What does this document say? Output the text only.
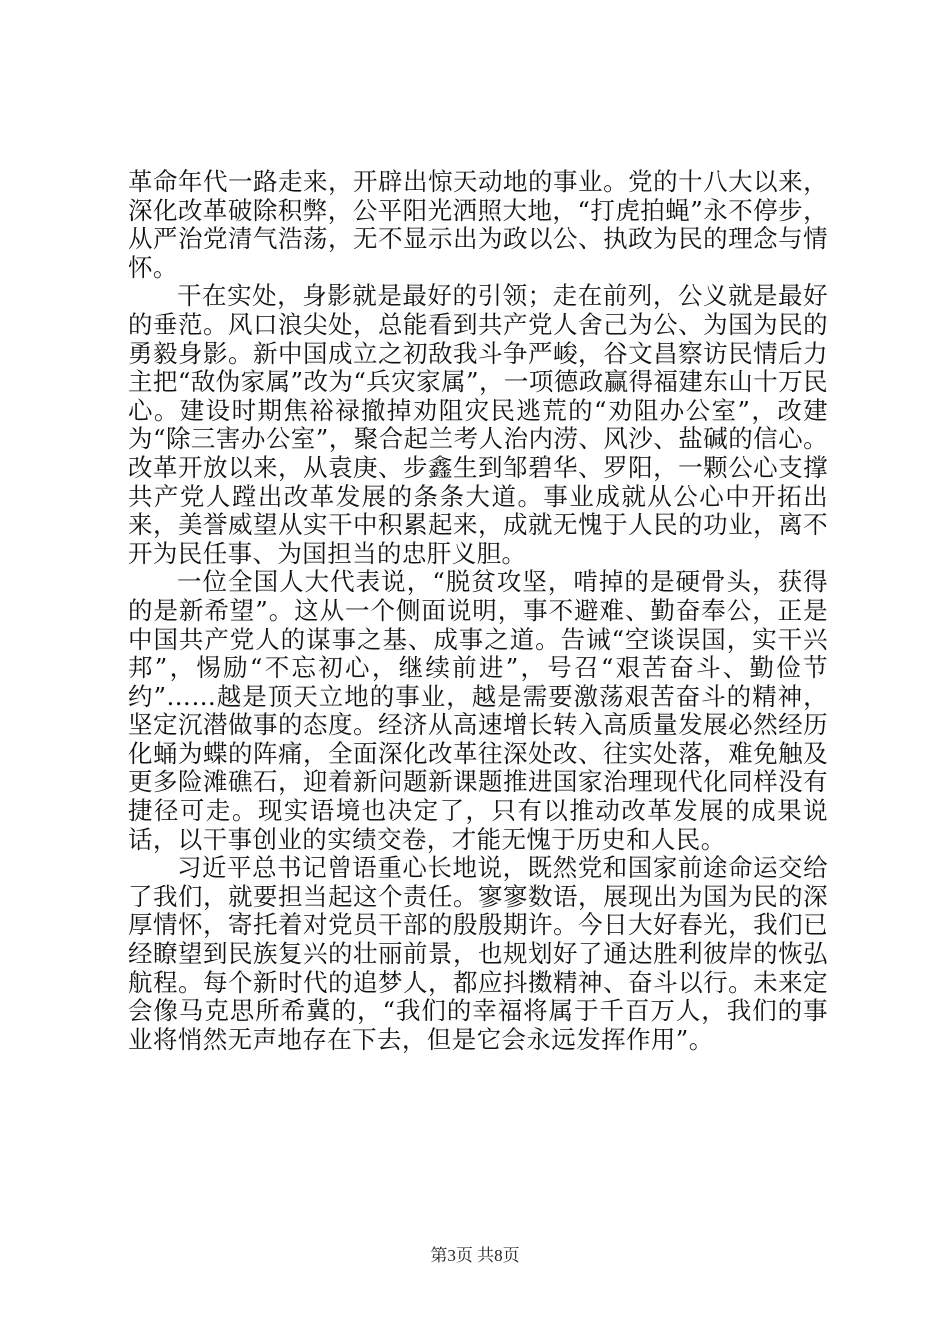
革命年代一路走来，开辟出惊天动地的事业。党的十八大以来，深化改革破除积弊，公平阳光洒照大地，“打虎拍蝇”永不停步，从严治党清气浩荡，无不显示出为政以公、执政为民的理念与情怀。

干在实处，身影就是最好的引领；走在前列，公义就是最好的垂范。风口浪尖处，总能看到共产党人舍己为公、为国为民的勇毅身影。新中国成立之初敌我斗争严峻，谷文昌察访民情后力主把“敌伪家属”改为“兵灾家属”，一项德政赢得福建东山十万民心。建设时期焦裕禄撤掉劝阻灾民逃荒的“劝阻办公室”，改建为“除三害办公室”，聚合起兰考人治内涝、风沙、盐碱的信心。改革开放以来，从袁庚、步鑫生到邹碧华、罗阳，一颗公心支撑共产党人蹚出改革发展的条条大道。事业成就从公心中开拓出来，美誉威望从实干中积累起来，成就无愧于人民的功业，离不开为民任事、为国担当的忠肝义胆。

一位全国人大代表说，“脱贫攻坚，啃掉的是硬骨头，获得的是新希望”。这从一个侧面说明，事不避难、勤奋奉公，正是中国共产党人的谋事之基、成事之道。告诫“空谈误国，实干兴邦”，惕励“不忘初心，继续前进”，号召“艰苦奋斗、勤俭节约”……越是顶天立地的事业，越是需要激荡艰苦奋斗的精神，坚定沉潜做事的态度。经济从高速增长转入高质量发展必然经历化蛹为蝶的阵痛，全面深化改革往深处改、往实处落，难免触及更多险滩礁石，迎着新问题新课题推进国家治理现代化同样没有捷径可走。现实语境也决定了，只有以推动改革发展的成果说话，以干事创业的实绩交卷，才能无愧于历史和人民。

习近平总书记曾语重心长地说，既然党和国家前途命运交给了我们，就要担当起这个责任。寥寥数语，展现出为国为民的深厚情怀，寄托着对党员干部的殷殷期许。今日大好春光，我们已经瞭望到民族复兴的壮丽前景，也规划好了通达胜利彼岸的恢弘航程。每个新时代的追梦人，都应抖擞精神、奋斗以行。未来定会像马克思所希冀的，“我们的幸福将属于千百万人，我们的事业将悄然无声地存在下去，但是它会永远发挥作用”。

第3页 共8页
